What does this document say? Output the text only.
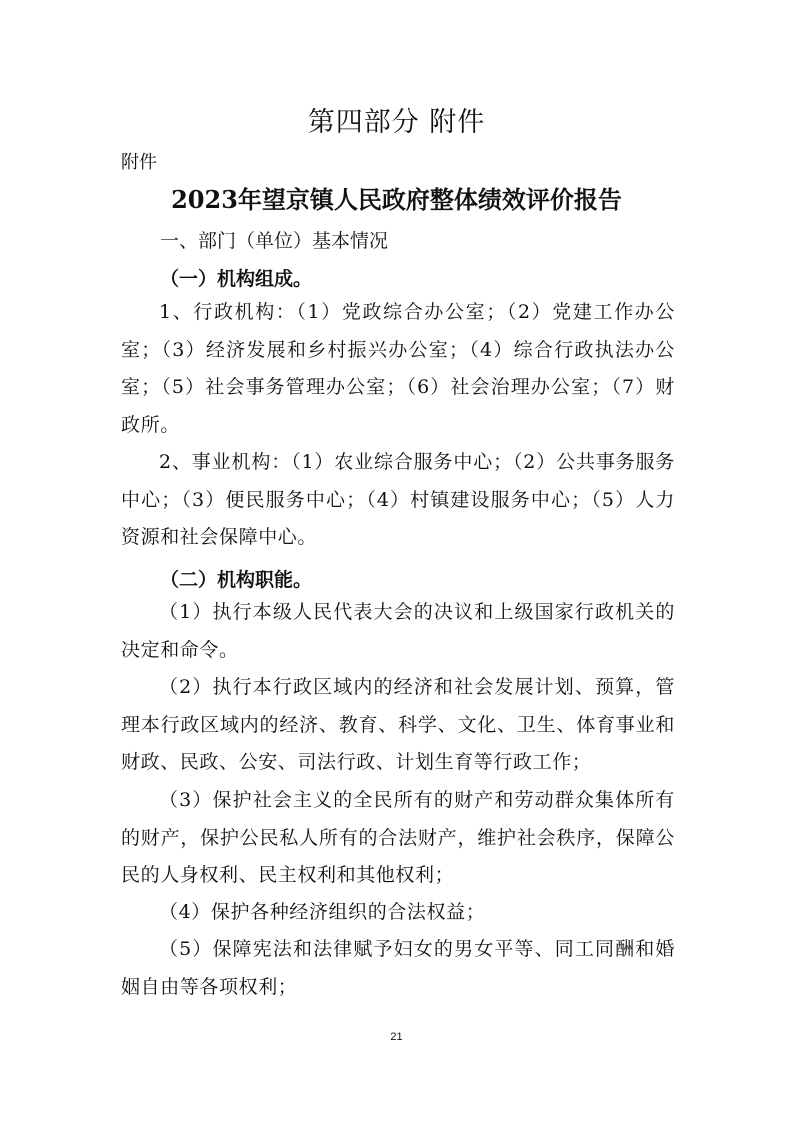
第四部分 附件
附件
2023年望京镇人民政府整体绩效评价报告
一、部门（单位）基本情况
（一）机构组成。
1、行政机构：（1）党政综合办公室；（2）党建工作办公室；（3）经济发展和乡村振兴办公室；（4）综合行政执法办公室；（5）社会事务管理办公室；（6）社会治理办公室；（7）财政所。
2、事业机构：（1）农业综合服务中心；（2）公共事务服务中心；（3）便民服务中心；（4）村镇建设服务中心；（5）人力资源和社会保障中心。
（二）机构职能。
（1）执行本级人民代表大会的决议和上级国家行政机关的决定和命令。
（2）执行本行政区域内的经济和社会发展计划、预算，管理本行政区域内的经济、教育、科学、文化、卫生、体育事业和财政、民政、公安、司法行政、计划生育等行政工作；
（3）保护社会主义的全民所有的财产和劳动群众集体所有的财产，保护公民私人所有的合法财产，维护社会秩序，保障公民的人身权利、民主权利和其他权利；
（4）保护各种经济组织的合法权益；
（5）保障宪法和法律赋予妇女的男女平等、同工同酬和婚姻自由等各项权利；
21
